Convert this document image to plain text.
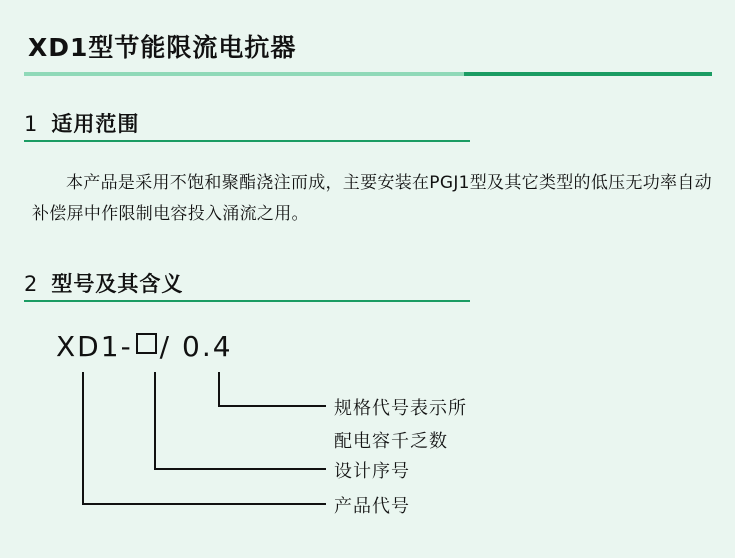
XD1型节能限流电抗器
1 适用范围
本产品是采用不饱和聚酯浇注而成，主要安装在PGJ1型及其它类型的低压无功率自动补偿屏中作限制电容投入涌流之用。
2 型号及其含义
XD1- / 0.4
规格代号表示所
配电容千乏数
设计序号
产品代号
